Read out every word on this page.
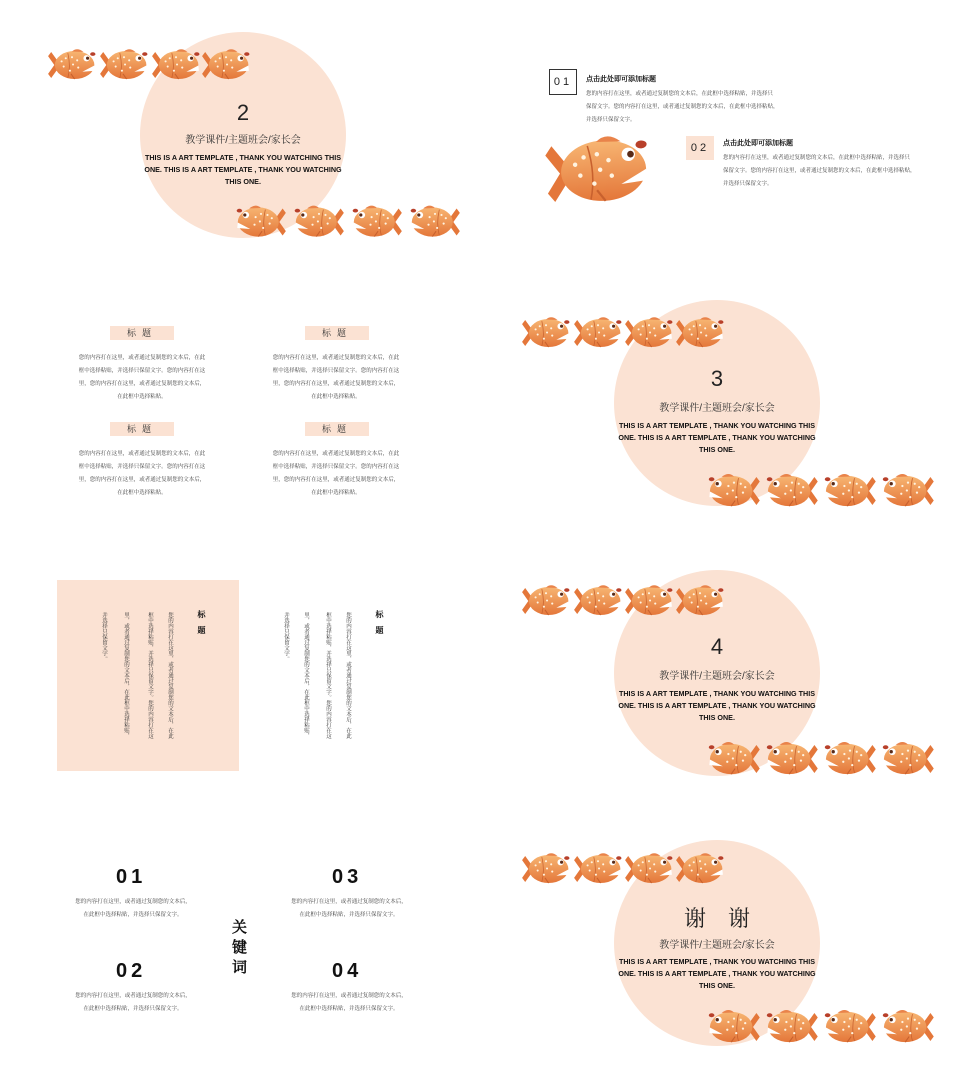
2
教学课件/主题班会/家长会
THIS IS A ART TEMPLATE , THANK YOU WATCHING THIS ONE. THIS IS A ART TEMPLATE , THANK YOU WATCHING THIS ONE.
01	点击此处即可添加标题
您的内容打在这里，或者通过复制您的文本后，在此框中选择粘贴，并选择只
保留文字。您的内容打在这里，或者通过复制您的文本后，在此框中选择粘贴，
并选择只保留文字。
02	点击此处即可添加标题
您的内容打在这里，或者通过复制您的文本后，在此框中选择粘贴，并选择只
保留文字。您的内容打在这里，或者通过复制您的文本后，在此框中选择粘贴，
并选择只保留文字。
标题
您的内容打在这里，或者通过复制您的文本后，在此
框中选择粘贴，并选择只保留文字。您的内容打在这
里，您的内容打在这里，或者通过复制您的文本后，
在此框中选择粘贴。
标题
您的内容打在这里，或者通过复制您的文本后，在此
框中选择粘贴，并选择只保留文字。您的内容打在这
里，您的内容打在这里，或者通过复制您的文本后，
在此框中选择粘贴。
标题
您的内容打在这里，或者通过复制您的文本后，在此
框中选择粘贴，并选择只保留文字。您的内容打在这
里，您的内容打在这里，或者通过复制您的文本后，
在此框中选择粘贴。
标题
您的内容打在这里，或者通过复制您的文本后，在此
框中选择粘贴，并选择只保留文字。您的内容打在这
里，您的内容打在这里，或者通过复制您的文本后，
在此框中选择粘贴。
3
教学课件/主题班会/家长会
THIS IS A ART TEMPLATE , THANK YOU WATCHING THIS ONE. THIS IS A ART TEMPLATE , THANK YOU WATCHING THIS ONE.
标题
您的内容打在这里，或者通过复制您的文本后，在此
框中选择粘贴，并选择只保留文字。您的内容打在这
里，或者通过复制您的文本后，在此框中选择粘贴，
并选择只保留文字。	标题
您的内容打在这里，或者通过复制您的文本后，在此
框中选择粘贴，并选择只保留文字。您的内容打在这
里，或者通过复制您的文本后，在此框中选择粘贴，
并选择只保留文字。	4
教学课件/主题班会/家长会
THIS IS A ART TEMPLATE , THANK YOU WATCHING THIS ONE. THIS IS A ART TEMPLATE , THANK YOU WATCHING THIS ONE.
01
您的内容打在这里，或者通过复制您的文本后，
在此框中选择粘贴，并选择只保留文字。
02
您的内容打在这里，或者通过复制您的文本后，
在此框中选择粘贴，并选择只保留文字。
关键词
03
您的内容打在这里，或者通过复制您的文本后，
在此框中选择粘贴，并选择只保留文字。
04
您的内容打在这里，或者通过复制您的文本后，
在此框中选择粘贴，并选择只保留文字。
谢　谢
教学课件/主题班会/家长会
THIS IS A ART TEMPLATE , THANK YOU WATCHING THIS ONE. THIS IS A ART TEMPLATE , THANK YOU WATCHING THIS ONE.
